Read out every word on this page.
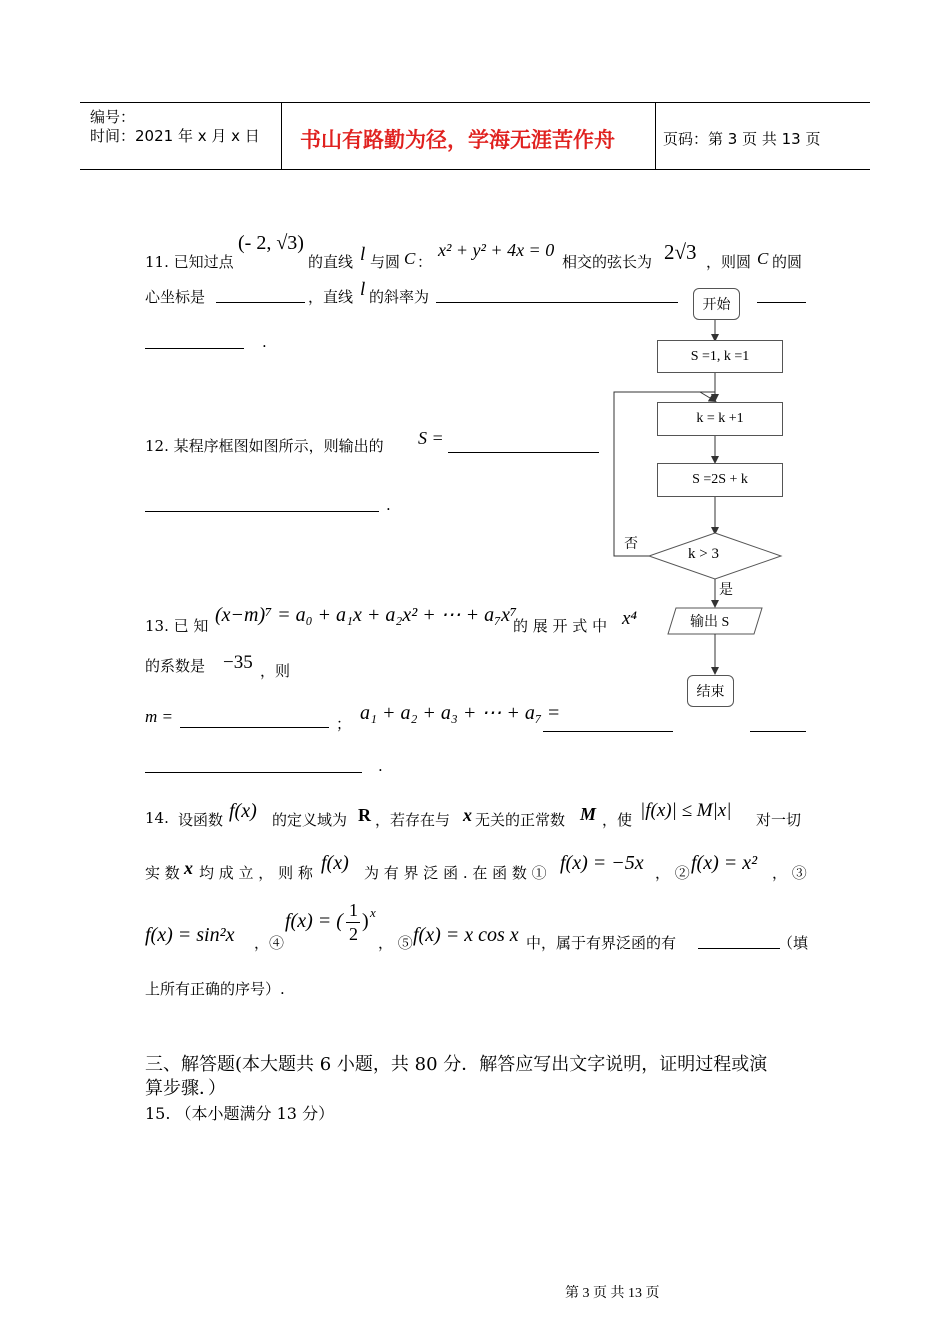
编号：
时间：2021 年 x 月 x 日 书山有路勤为径，学海无涯苦作舟	页码：第 3 页 共 13 页
11. 已知过点
(- 2, √3)
的直线 l 与圆 C ：
x² + y² + 4x = 0
相交的弦长为 2√3 ，则圆 C 的圆
心坐标是	，直线 l 的斜率为
.
12. 某程序框图如图所示，则输出的 S =
.
13. 已 知 (x−m)⁷ = a₀ + a₁x + a₂x² + ⋯ + a₇x⁷
的 展 开 式 中 x⁴
的系数是 −35 ，则
m =	； a₁ + a₂ + a₃ + ⋯ + a₇ =
.
14. 设函数 f(x) 的定义域为 R ，若存在与 x 无关的正常数 M ，使 |f(x)| ≤ M|x| 对一切
实 数 x 均 成 立 ， 则 称 f(x) 为 有 界 泛 函 . 在 函 数 ① f(x) = −5x ， ② f(x) = x² ， ③
f(x) = sin²x ，④
f(x) = ( 1
2
) x
， ⑤ f(x) = x cos x 中，属于有界泛函的有	（填
上所有正确的序号）.
三、解答题(本大题共 6 小题，共 80 分．解答应写出文字说明，证明过程或演
算步骤．）
15. （本小题满分 13 分）
开始
S =1, k =1
k = k +1
S =2S + k
k > 3
否
是
输出 S
结束
第 3 页 共 13 页
